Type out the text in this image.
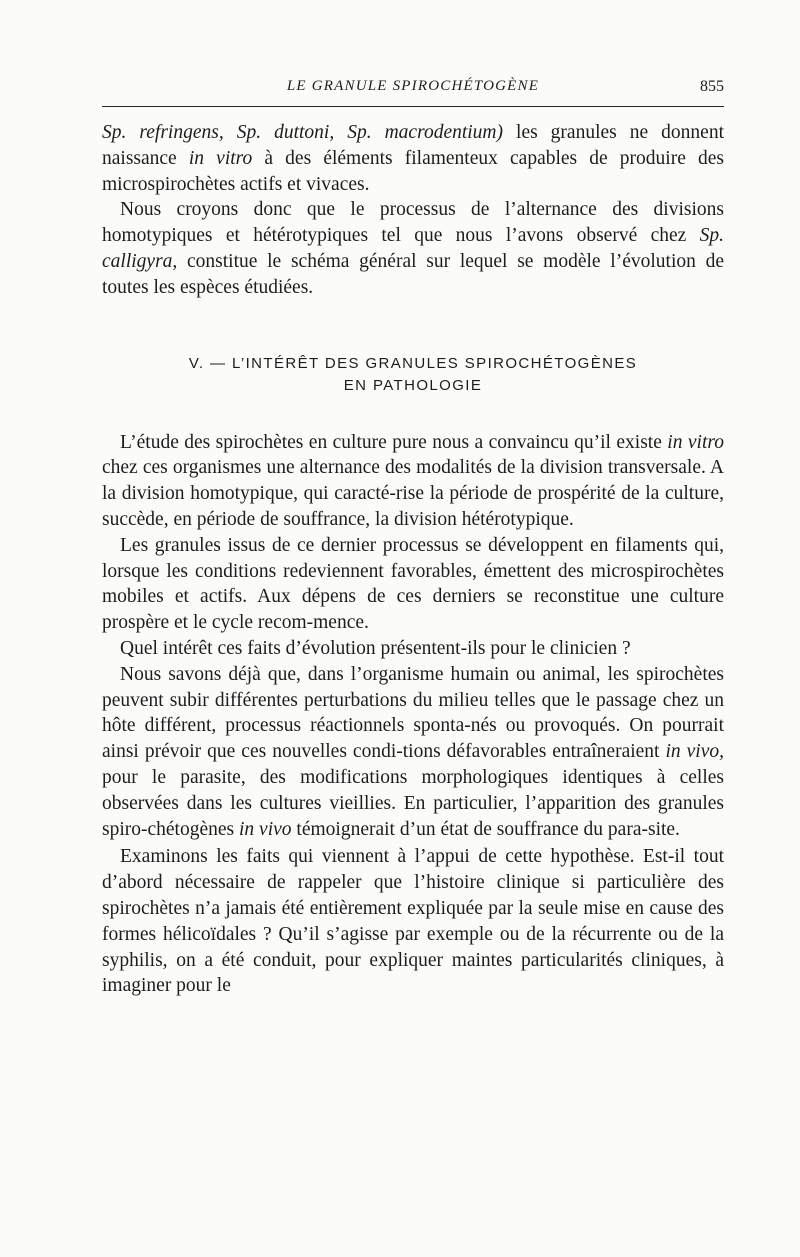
LE GRANULE SPIROCHÉTOGÈNE	855

Sp. refringens, Sp. duttoni, Sp. macrodentium) les granules ne donnent naissance in vitro à des éléments filamenteux capables de produire des microspirochètes actifs et vivaces.

Nous croyons donc que le processus de l’alternance des divisions homotypiques et hétérotypiques tel que nous l’avons observé chez Sp. calligyra, constitue le schéma général sur lequel se modèle l’évolution de toutes les espèces étudiées.

V. — L’INTÉRÊT DES GRANULES SPIROCHÉTOGÈNES
EN PATHOLOGIE

L’étude des spirochètes en culture pure nous a convaincu qu’il existe in vitro chez ces organismes une alternance des modalités de la division transversale. A la division homotypique, qui caracté-rise la période de prospérité de la culture, succède, en période de souffrance, la division hétérotypique.

Les granules issus de ce dernier processus se développent en filaments qui, lorsque les conditions redeviennent favorables, émettent des microspirochètes mobiles et actifs. Aux dépens de ces derniers se reconstitue une culture prospère et le cycle recom-mence.

Quel intérêt ces faits d’évolution présentent-ils pour le clinicien ?

Nous savons déjà que, dans l’organisme humain ou animal, les spirochètes peuvent subir différentes perturbations du milieu telles que le passage chez un hôte différent, processus réactionnels sponta-nés ou provoqués. On pourrait ainsi prévoir que ces nouvelles condi-tions défavorables entraîneraient in vivo, pour le parasite, des modifications morphologiques identiques à celles observées dans les cultures vieillies. En particulier, l’apparition des granules spiro-chétogènes in vivo témoignerait d’un état de souffrance du para-site.

Examinons les faits qui viennent à l’appui de cette hypothèse. Est-il tout d’abord nécessaire de rappeler que l’histoire clinique si particulière des spirochètes n’a jamais été entièrement expliquée par la seule mise en cause des formes hélicoïdales ? Qu’il s’agisse par exemple ou de la récurrente ou de la syphilis, on a été conduit, pour expliquer maintes particularités cliniques, à imaginer pour le
